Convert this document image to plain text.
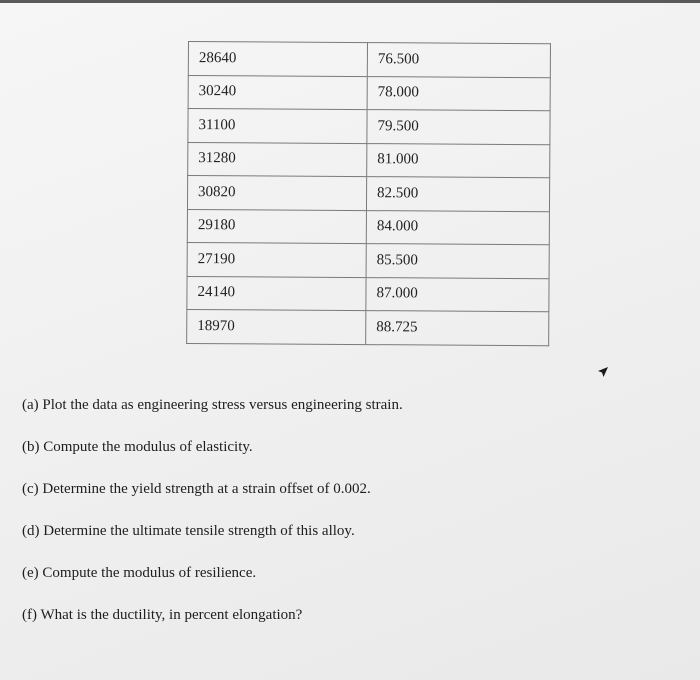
28640	76.500
30240	78.000
31100	79.500
31280	81.000
30820	82.500
29180	84.000
27190	85.500
24140	87.000
18970	88.725
(a) Plot the data as engineering stress versus engineering strain.
(b) Compute the modulus of elasticity.
(c) Determine the yield strength at a strain offset of 0.002.
(d) Determine the ultimate tensile strength of this alloy.
(e) Compute the modulus of resilience.
(f) What is the ductility, in percent elongation?
